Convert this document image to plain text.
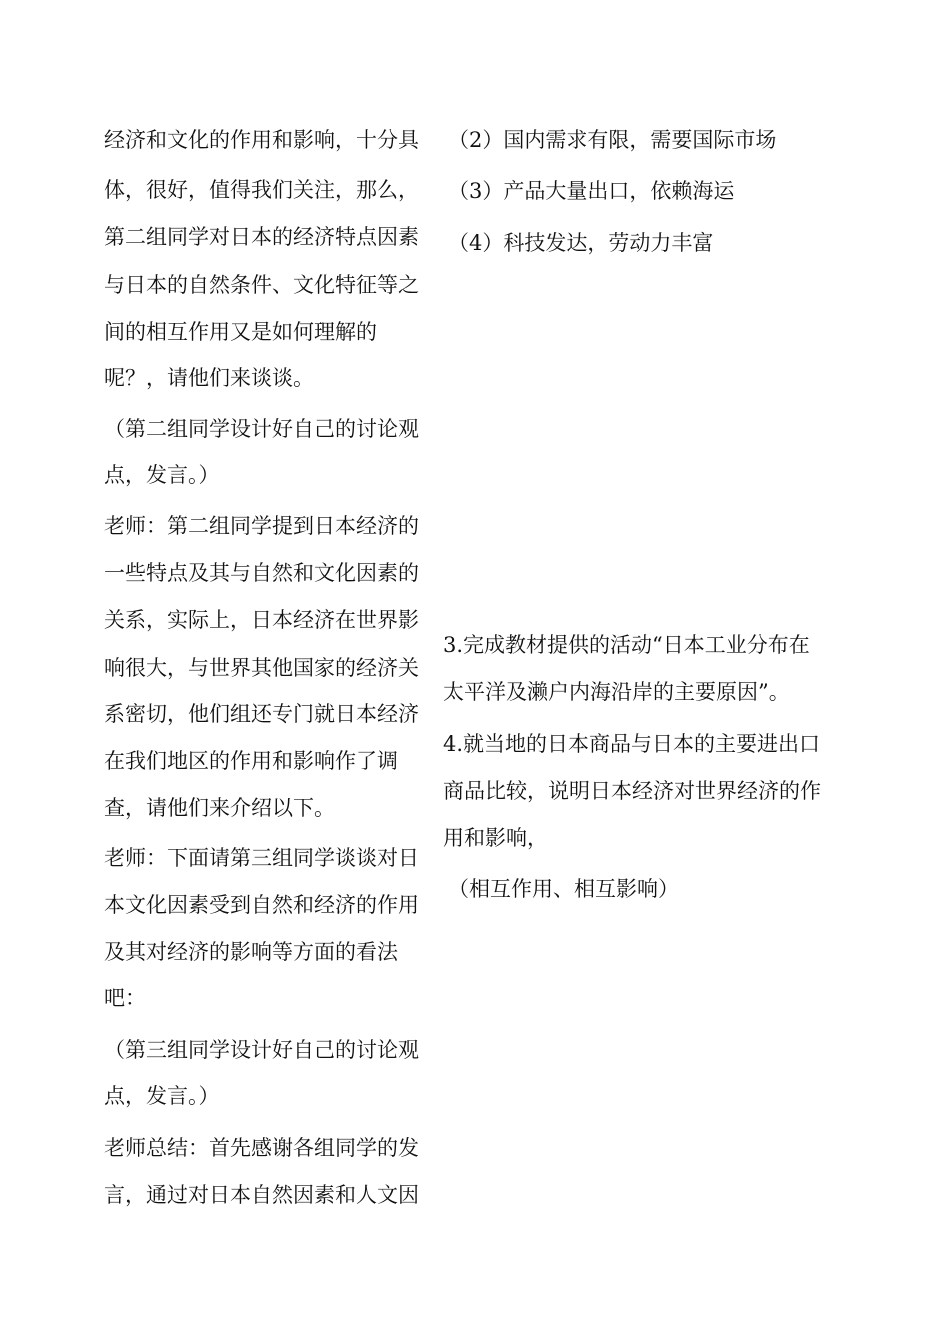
经济和文化的作用和影响，十分具
体，很好，值得我们关注，那么，
第二组同学对日本的经济特点因素
与日本的自然条件、文化特征等之
间的相互作用又是如何理解的
呢？，请他们来谈谈。
（第二组同学设计好自己的讨论观
点，发言。）
老师：第二组同学提到日本经济的
一些特点及其与自然和文化因素的
关系，实际上，日本经济在世界影
响很大，与世界其他国家的经济关
系密切，他们组还专门就日本经济
在我们地区的作用和影响作了调
查，请他们来介绍以下。
老师：下面请第三组同学谈谈对日
本文化因素受到自然和经济的作用
及其对经济的影响等方面的看法
吧：
（第三组同学设计好自己的讨论观
点，发言。）
老师总结：首先感谢各组同学的发
言，通过对日本自然因素和人文因
（2）国内需求有限，需要国际市场
（3）产品大量出口，依赖海运
（4）科技发达，劳动力丰富
3.完成教材提供的活动“日本工业分布在
太平洋及濑户内海沿岸的主要原因”。
4.就当地的日本商品与日本的主要进出口
商品比较，说明日本经济对世界经济的作
用和影响，
（相互作用、相互影响）
